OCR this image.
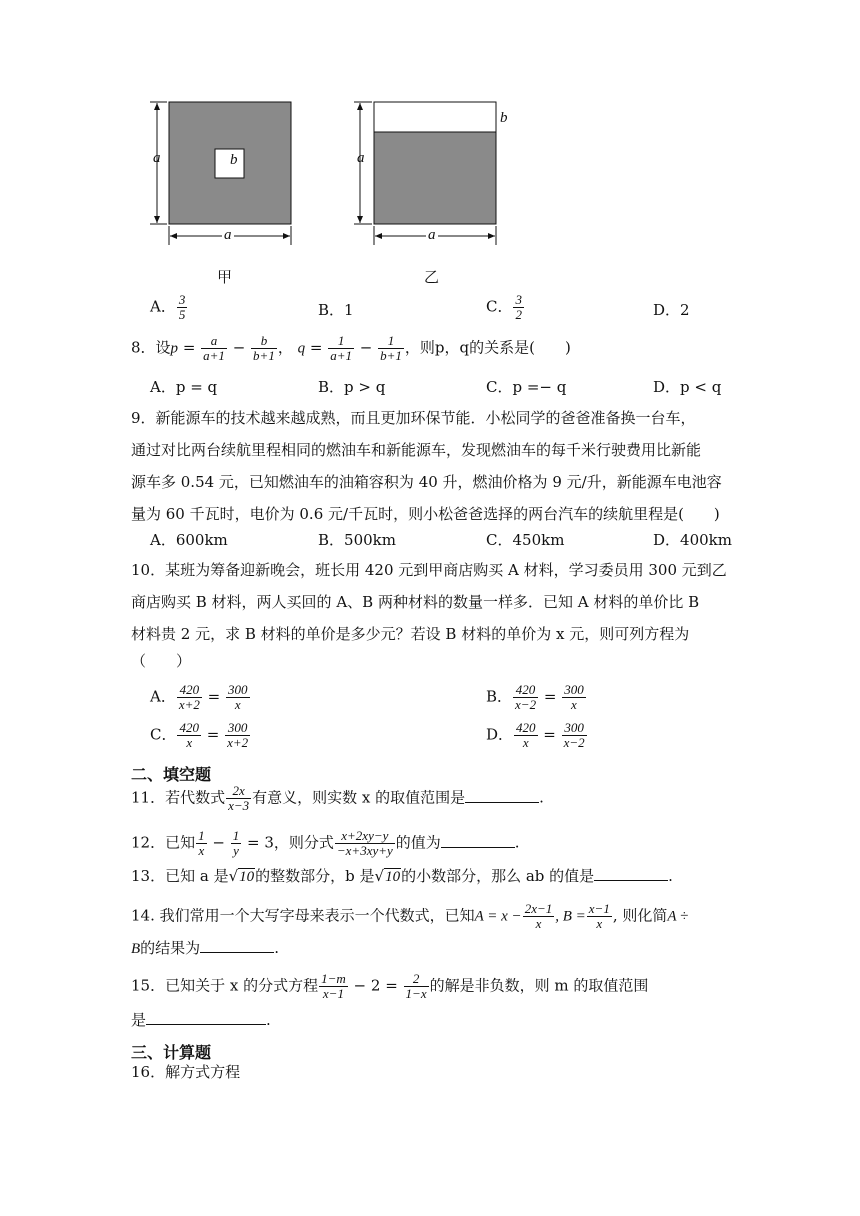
a	b
a
甲
a
b
a
乙
A． $\frac{3}{5}$	B．1	C． $\frac{3}{2}$	D．2
8．设$p = \frac{a}{a+1} - \frac{b}{b+1}$ ， $q = \frac{1}{a+1} - \frac{1}{b+1}$ ，则p，q的关系是(　　)
A．p = q	B．p > q	C．p =− q	D．p < q
9．新能源车的技术越来越成熟，而且更加环保节能．小松同学的爸爸准备换一台车，
通过对比两台续航里程相同的燃油车和新能源车，发现燃油车的每千米行驶费用比新能
源车多 0.54 元，已知燃油车的油箱容积为 40 升，燃油价格为 9 元/升，新能源车电池容
量为 60 千瓦时，电价为 0.6 元/千瓦时，则小松爸爸选择的两台汽车的续航里程是(　　)
A．600km	B．500km	C．450km	D．400km
10．某班为筹备迎新晚会，班长用 420 元到甲商店购买 A 材料，学习委员用 300 元到乙
商店购买 B 材料，两人买回的 A、B 两种材料的数量一样多．已知 A 材料的单价比 B
材料贵 2 元，求 B 材料的单价是多少元？若设 B 材料的单价为 x 元，则可列方程为
（　　）
A． $\frac{420}{x+2} = \frac{300}{x}$	B． $\frac{420}{x-2} = \frac{300}{x}$
C． $\frac{420}{x} = \frac{300}{x+2}$	D． $\frac{420}{x} = \frac{300}{x-2}$
二、填空题
11．若代数式 $\frac{2x}{x-3}$ 有意义，则实数 x 的取值范围是	.
12．已知 $\frac{1}{x} - \frac{1}{y} = 3$，则分式 $\frac{x+2xy-y}{-x+3xy+y}$ 的值为	.
13．已知 a 是√10的整数部分，b 是√10的小数部分，那么 ab 的值是	.
14. 我们常用一个大写字母来表示一个代数式，已知$A = x - \frac{2x-1}{x}$ , $B = \frac{x-1}{x}$ , 则化简A ÷
B的结果为	.
15．已知关于 x 的分式方程 $\frac{1-m}{x-1} - 2 = \frac{2}{1-x}$ 的解是非负数，则 m 的取值范围
是	.
三、计算题
16．解方式方程
